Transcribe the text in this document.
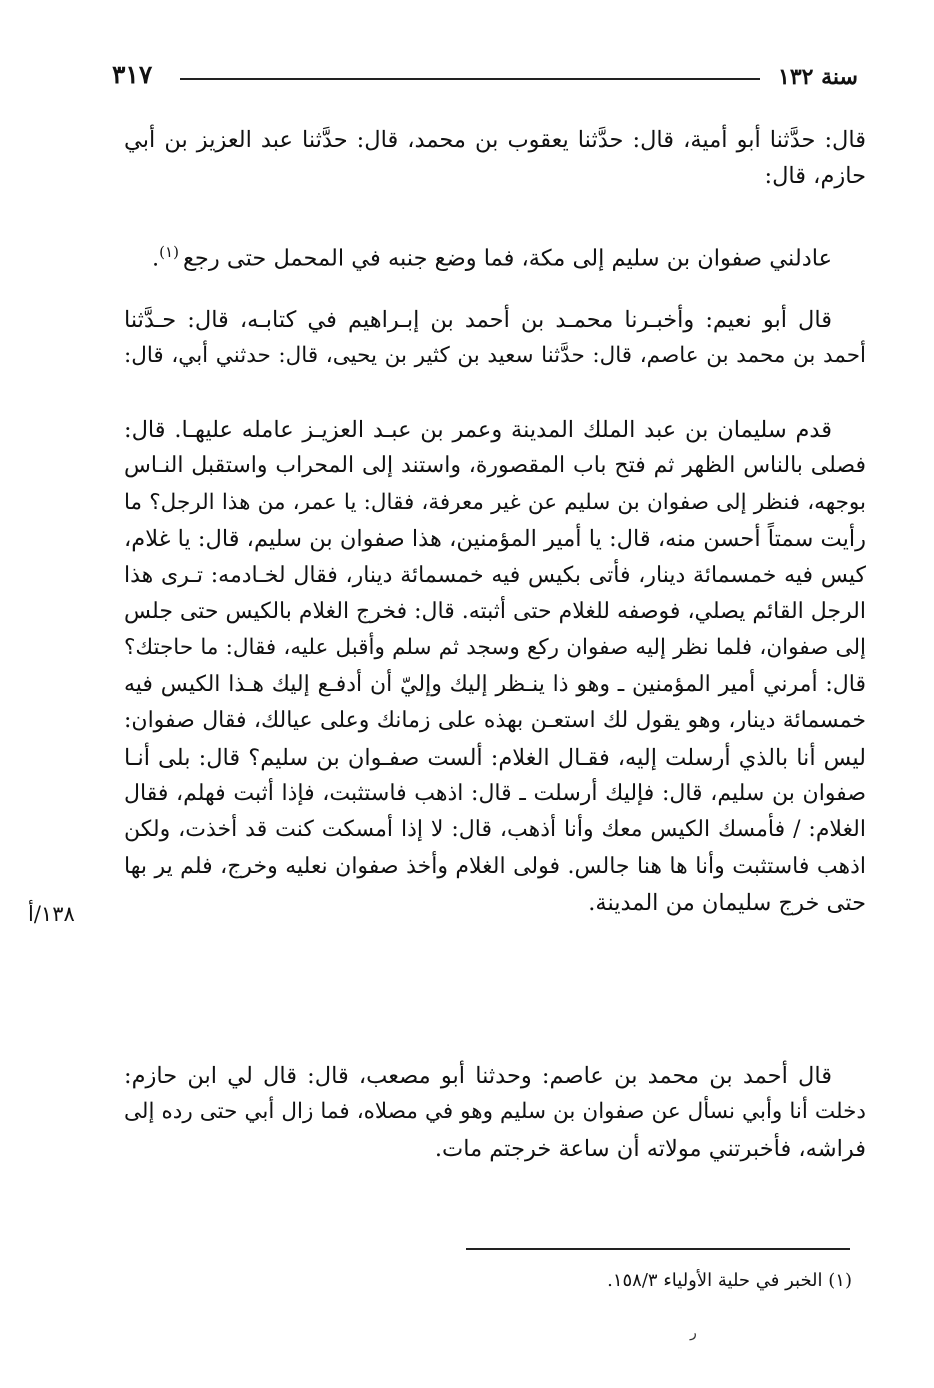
سنة ١٣٢
٣١٧
قال: حدَّثنا أبو أمية، قال: حدَّثنا يعقوب بن محمد، قال: حدَّثنا عبد العزيز بن أبي
حازم، قال:
عادلني صفوان بن سليم إلى مكة، فما وضع جنبه في المحمل حتى رجع$^{(١)}$.
قال أبو نعيم: وأخبـرنا محمـد بن أحمد بن إبـراهيم في كتابـه، قال: حـدَّثنا
أحمد بن محمد بن عاصم، قال: حدَّثنا سعيد بن كثير بن يحيى، قال: حدثني أبي، قال:
قدم سليمان بن عبد الملك المدينة وعمر بن عبـد العزيـز عامله عليهـا. قال:
فصلى بالناس الظهر ثم فتح باب المقصورة، واستند إلى المحراب واستقبل النـاس
بوجهه، فنظر إلى صفوان بن سليم عن غير معرفة، فقال: يا عمر، من هذا الرجل؟ ما
رأيت سمتاً أحسن منه، قال: يا أمير المؤمنين، هذا صفوان بن سليم، قال: يا غلام،
كيس فيه خمسمائة دينار، فأتى بكيس فيه خمسمائة دينار، فقال لخـادمه: تـرى هذا
الرجل القائم يصلي، فوصفه للغلام حتى أثبته. قال: فخرج الغلام بالكيس حتى جلس
إلى صفوان، فلما نظر إليه صفوان ركع وسجد ثم سلم وأقبل عليه، فقال: ما حاجتك؟
قال: أمرني أمير المؤمنين ـ وهو ذا ينـظر إليك وإليّ أن أدفـع إليك هـذا الكيس فيه
خمسمائة دينار، وهو يقول لك استعـن بهذه على زمانك وعلى عيالك، فقال صفوان:
ليس أنا بالذي أرسلت إليه، فقـال الغلام: ألست صفـوان بن سليم؟ قال: بلى أنـا
صفوان بن سليم، قال: فإليك أرسلت ـ قال: اذهب فاستثبت، فإذا أثبت فهلم، فقال
الغلام: / فأمسك الكيس معك وأنا أذهب، قال: لا إذا أمسكت كنت قد أخذت، ولكن
اذهب فاستثبت وأنا ها هنا جالس. فولى الغلام وأخذ صفوان نعليه وخرج، فلم ير بها
حتى خرج سليمان من المدينة.
١٣٨/أ
قال أحمد بن محمد بن عاصم: وحدثنا أبو مصعب، قال: قال لي ابن حازم:
دخلت أنا وأبي نسأل عن صفوان بن سليم وهو في مصلاه، فما زال أبي حتى رده إلى
فراشه، فأخبرتني مولاته أن ساعة خرجتم مات.
(١) الخبر في حلية الأولياء ١٥٨/٣.
ر
